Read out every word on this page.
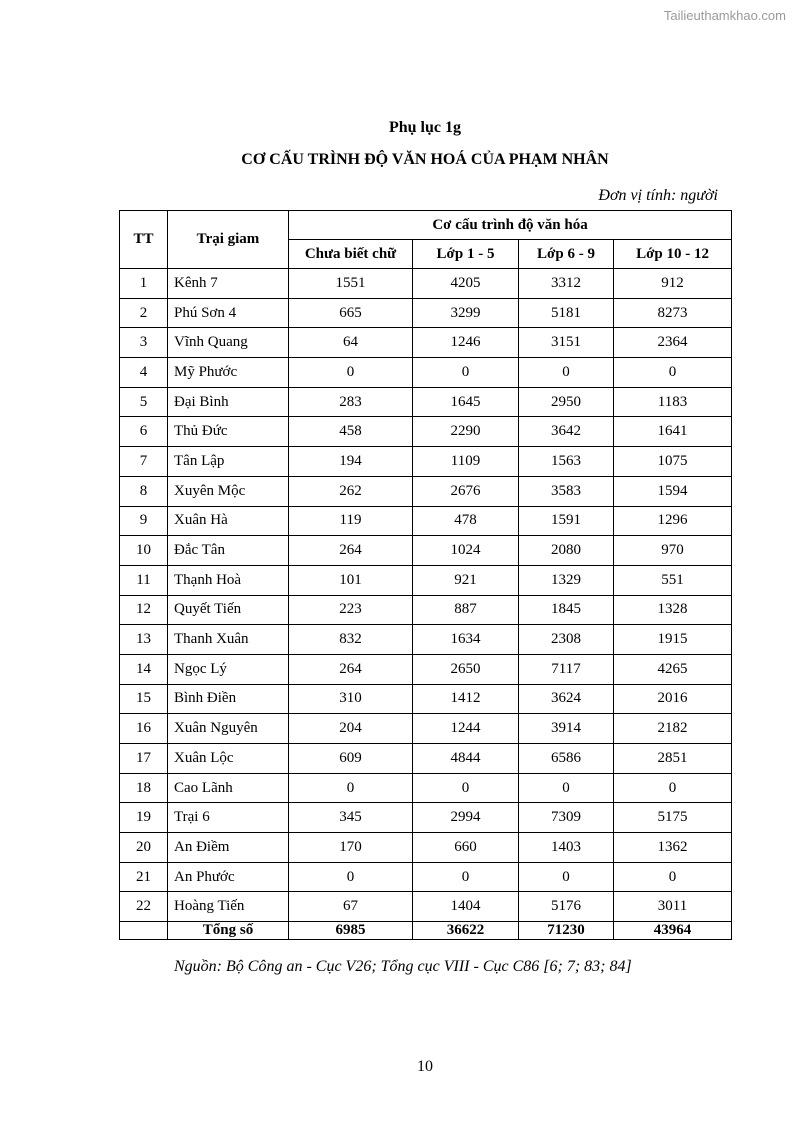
Tailieuthamkhao.com
Phụ lục 1g
CƠ CẤU TRÌNH ĐỘ VĂN HOÁ CỦA PHẠM NHÂN
Đơn vị tính: người
TT	Trại giam	Cơ cấu trình độ văn hóa			
		Chưa biết chữ	Lớp 1 - 5	Lớp 6 - 9	Lớp 10 - 12
1	Kênh 7	1551	4205	3312	912
2	Phú Sơn 4	665	3299	5181	8273
3	Vĩnh Quang	64	1246	3151	2364
4	Mỹ Phước	0	0	0	0
5	Đại Bình	283	1645	2950	1183
6	Thủ Đức	458	2290	3642	1641
7	Tân Lập	194	1109	1563	1075
8	Xuyên Mộc	262	2676	3583	1594
9	Xuân Hà	119	478	1591	1296
10	Đắc Tân	264	1024	2080	970
11	Thạnh Hoà	101	921	1329	551
12	Quyết Tiến	223	887	1845	1328
13	Thanh Xuân	832	1634	2308	1915
14	Ngọc Lý	264	2650	7117	4265
15	Bình Điền	310	1412	3624	2016
16	Xuân Nguyên	204	1244	3914	2182
17	Xuân Lộc	609	4844	6586	2851
18	Cao Lãnh	0	0	0	0
19	Trại 6	345	2994	7309	5175
20	An Điềm	170	660	1403	1362
21	An Phước	0	0	0	0
22	Hoàng Tiến	67	1404	5176	3011
	Tổng số	6985	36622	71230	43964
Nguồn: Bộ Công an - Cục V26; Tổng cục VIII - Cục C86 [6; 7; 83; 84]
10
